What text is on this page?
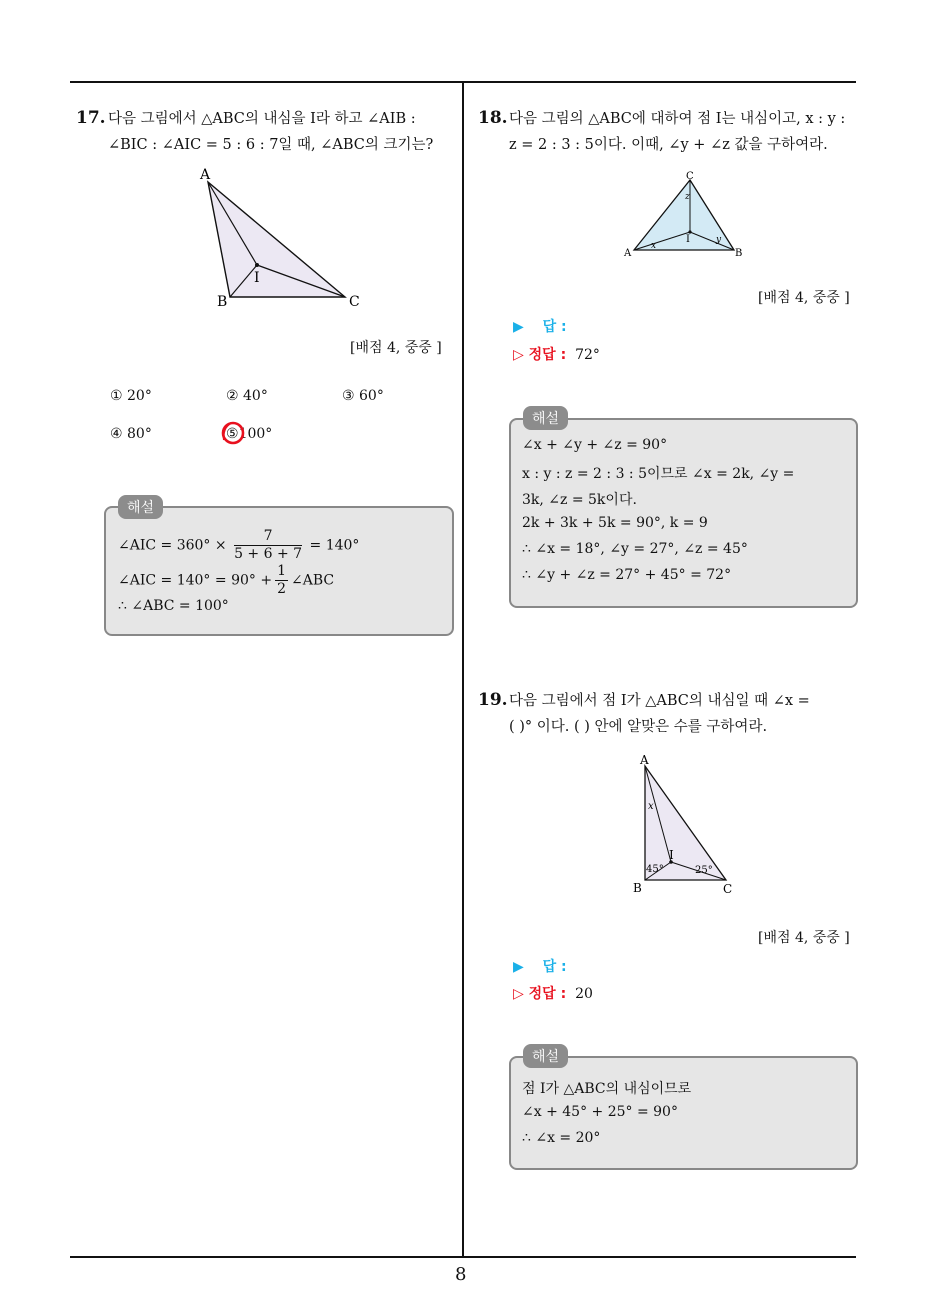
8
17. 다음 그림에서 △ABC의 내심을 I라 하고 ∠AIB :
∠BIC : ∠AIC = 5 : 6 : 7일 때, ∠ABC의 크기는?
A
B	C
I
[배점 4, 중중 ]
① 20°	② 40°	③ 60°
④ 80°	⑤100°
해설
∠AIC = $360^\circ \times \frac{7}{5 + 6 + 7} = 140^\circ$
∠AIC = $140^\circ = 90^\circ + \frac{1}{2}$ ∠ABC
∴ ∠ABC = 100°
18. 다음 그림의 △ABC에 대하여 점 I는 내심이고, x : y :
z = 2 : 3 : 5이다. 이때, ∠y + ∠z 값을 구하여라.
A	B
C
I
x
y
z
[배점 4, 중중 ]
▶ 답 :
▷ 정답 : 72°
해설
∠x + ∠y + ∠z = 90°
x : y : z = 2 : 3 : 5이므로 ∠x = 2k, ∠y =
3k, ∠z = 5k이다.
2k + 3k + 5k = 90°, k = 9
∴ ∠x = 18°, ∠y = 27°, ∠z = 45°
∴ ∠y + ∠z = 27° + 45° = 72°
19. 다음 그림에서 점 I가 △ABC의 내심일 때 ∠x =
( )° 이다. ( ) 안에 알맞은 수를 구하여라.
A
B	C
I
x
45°	25°
[배점 4, 중중 ]
▶ 답 :
▷ 정답 : 20
해설
점 I가 △ABC의 내심이므로
∠x + 45° + 25° = 90°
∴ ∠x = 20°
